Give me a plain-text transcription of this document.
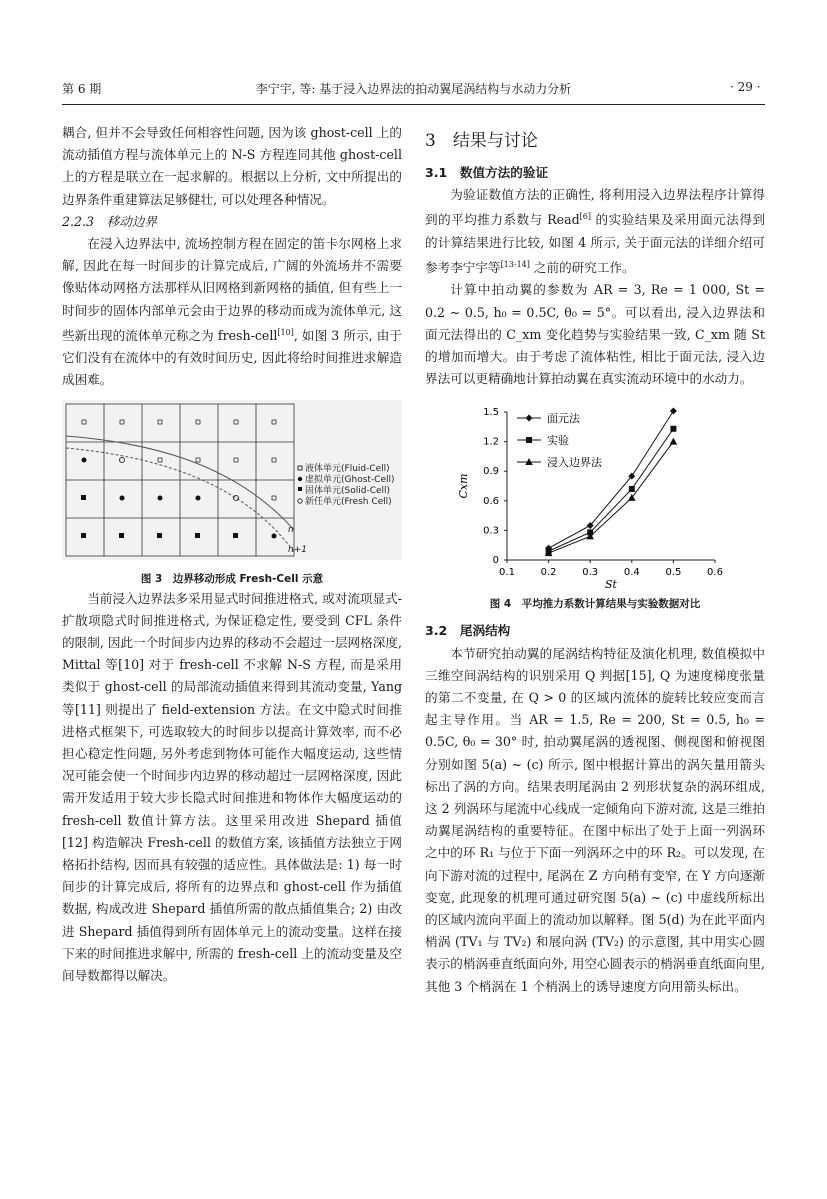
第 6 期	李宁宇, 等: 基于浸入边界法的拍动翼尾涡结构与水动力分析	· 29 ·

耦合, 但并不会导致任何相容性问题, 因为该 ghost-cell 上的流动插值方程与流体单元上的 N-S 方程连同其他 ghost-cell 上的方程是联立在一起求解的。根据以上分析, 文中所提出的边界条件重建算法足够健壮, 可以处理各种情况。

2.2.3　移动边界

在浸入边界法中, 流场控制方程在固定的笛卡尔网格上求解, 因此在每一时间步的计算完成后, 广阔的外流场并不需要像贴体动网格方法那样从旧网格到新网格的插值, 但有些上一时间步的固体内部单元会由于边界的移动而成为流体单元, 这些新出现的流体单元称之为 fresh-cell[10], 如图 3 所示, 由于它们没有在流体中的有效时间历史, 因此将给时间推进求解造成困难。

液体单元(Fluid-Cell)
虚拟单元(Ghost-Cell)
固体单元(Solid-Cell)
新任单元(Fresh Cell)
n
n+1
图 3　边界移动形成 Fresh-Cell 示意

当前浸入边界法多采用显式时间推进格式, 或对流项显式-扩散项隐式时间推进格式, 为保证稳定性, 要受到 CFL 条件的限制, 因此一个时间步内边界的移动不会超过一层网格深度, Mittal 等[10] 对于 fresh-cell 不求解 N-S 方程, 而是采用类似于 ghost-cell 的局部流动插值来得到其流动变量, Yang 等[11] 则提出了 field-extension 方法。在文中隐式时间推进格式框架下, 可选取较大的时间步以提高计算效率, 而不必担心稳定性问题, 另外考虑到物体可能作大幅度运动, 这些情况可能会使一个时间步内边界的移动超过一层网格深度, 因此需开发适用于较大步长隐式时间推进和物体作大幅度运动的 fresh-cell 数值计算方法。这里采用改进 Shepard 插值[12] 构造解决 Fresh-cell 的数值方案, 该插值方法独立于网格拓扑结构, 因而具有较强的适应性。具体做法是: 1) 每一时间步的计算完成后, 将所有的边界点和 ghost-cell 作为插值数据, 构成改进 Shepard 插值所需的散点插值集合; 2) 由改进 Shepard 插值得到所有固体单元上的流动变量。这样在接下来的时间推进求解中, 所需的 fresh-cell 上的流动变量及空间导数都得以解决。

3　结果与讨论

3.1　数值方法的验证

为验证数值方法的正确性, 将利用浸入边界法程序计算得到的平均推力系数与 Read[6] 的实验结果及采用面元法得到的计算结果进行比较, 如图 4 所示, 关于面元法的详细介绍可参考李宁宇等[13-14] 之前的研究工作。

计算中拍动翼的参数为 AR = 3, Re = 1 000, St = 0.2 ~ 0.5, h₀ = 0.5C, θ₀ = 5°。可以看出, 浸入边界法和面元法得出的 C_xm 变化趋势与实验结果一致, C_xm 随 St 的增加而增大。由于考虑了流体粘性, 相比于面元法, 浸入边界法可以更精确地计算拍动翼在真实流动环境中的水动力。

0.1	0.2	0.3	0.4	0.5	0.6
0
0.3
0.6
0.9
1.2
1.5
St
Cxm
面元法
实验
浸入边界法
图 4　平均推力系数计算结果与实验数据对比

3.2　尾涡结构

本节研究拍动翼的尾涡结构特征及演化机理, 数值模拟中三维空间涡结构的识别采用 Q 判据[15], Q 为速度梯度张量的第二不变量, 在 Q > 0 的区域内流体的旋转比较应变而言起主导作用。当 AR = 1.5, Re = 200, St = 0.5, h₀ = 0.5C, θ₀ = 30° 时, 拍动翼尾涡的透视图、侧视图和俯视图分别如图 5(a) ~ (c) 所示, 图中根据计算出的涡矢量用箭头标出了涡的方向。结果表明尾涡由 2 列形状复杂的涡环组成, 这 2 列涡环与尾流中心线成一定倾角向下游对流, 这是三维拍动翼尾涡结构的重要特征。在图中标出了处于上面一列涡环之中的环 R₁ 与位于下面一列涡环之中的环 R₂。可以发现, 在向下游对流的过程中, 尾涡在 Z 方向稍有变窄, 在 Y 方向逐渐变宽, 此现象的机理可通过研究图 5(a) ~ (c) 中虚线所标出的区域内流向平面上的流动加以解释。图 5(d) 为在此平面内梢涡 (TV₁ 与 TV₂) 和展向涡 (TV₂) 的示意图, 其中用实心圆表示的梢涡垂直纸面向外, 用空心圆表示的梢涡垂直纸面向里, 其他 3 个梢涡在 1 个梢涡上的诱导速度方向用箭头标出。
